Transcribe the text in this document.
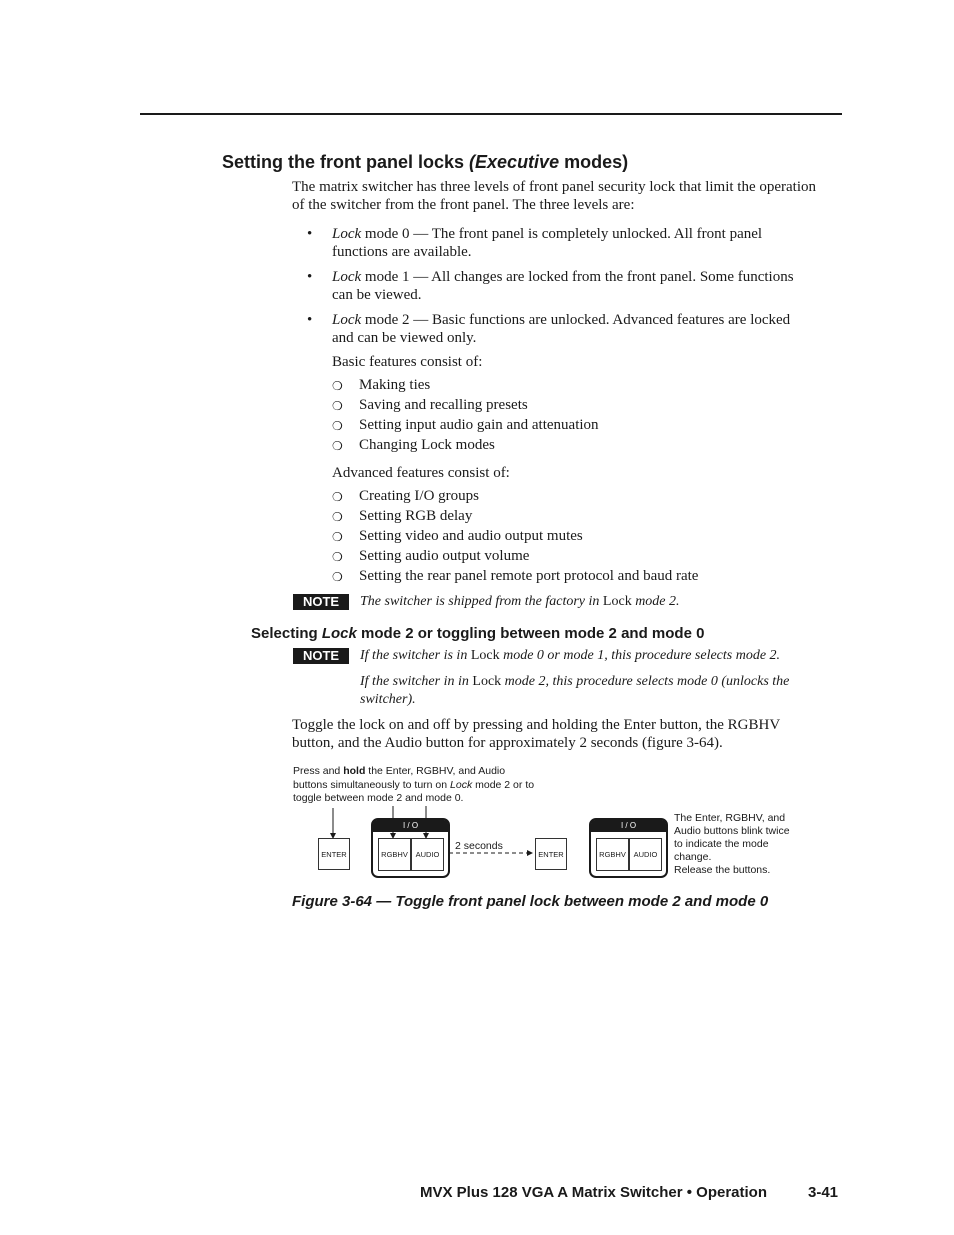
Setting the front panel locks (Executive modes)
The matrix switcher has three levels of front panel security lock that limit the operation of the switcher from the front panel. The three levels are:
• Lock mode 0 — The front panel is completely unlocked. All front panel
functions are available.
• Lock mode 1 — All changes are locked from the front panel. Some functions
can be viewed.
• Lock mode 2 — Basic functions are unlocked. Advanced features are locked
and can be viewed only.
Basic features consist of:
❍ Making ties
❍ Saving and recalling presets
❍ Setting input audio gain and attenuation
❍ Changing Lock modes
Advanced features consist of:
❍ Creating I/O groups
❍ Setting RGB delay
❍ Setting video and audio output mutes
❍ Setting audio output volume
❍ Setting the rear panel remote port protocol and baud rate
NOTE	The switcher is shipped from the factory in Lock mode 2.
Selecting Lock mode 2 or toggling between mode 2 and mode 0
NOTE	If the switcher is in Lock mode 0 or mode 1, this procedure selects mode 2.
If the switcher in in Lock mode 2, this procedure selects mode 0 (unlocks the
switcher).
Toggle the lock on and off by pressing and holding the Enter button, the RGBHV
button, and the Audio button for approximately 2 seconds (figure 3-64).
Press and hold the Enter, RGBHV, and Audio
buttons simultaneously to turn on Lock mode 2 or to
toggle between mode 2 and mode 0.
ENTER
I / O
RGBHV AUDIO
2 seconds
ENTER
I / O
RGBHV AUDIO
The Enter, RGBHV, and
Audio buttons blink twice
to indicate the mode
change.
Release the buttons.
Figure 3-64 — Toggle front panel lock between mode 2 and mode 0
MVX Plus 128 VGA A Matrix Switcher • Operation	3-41
